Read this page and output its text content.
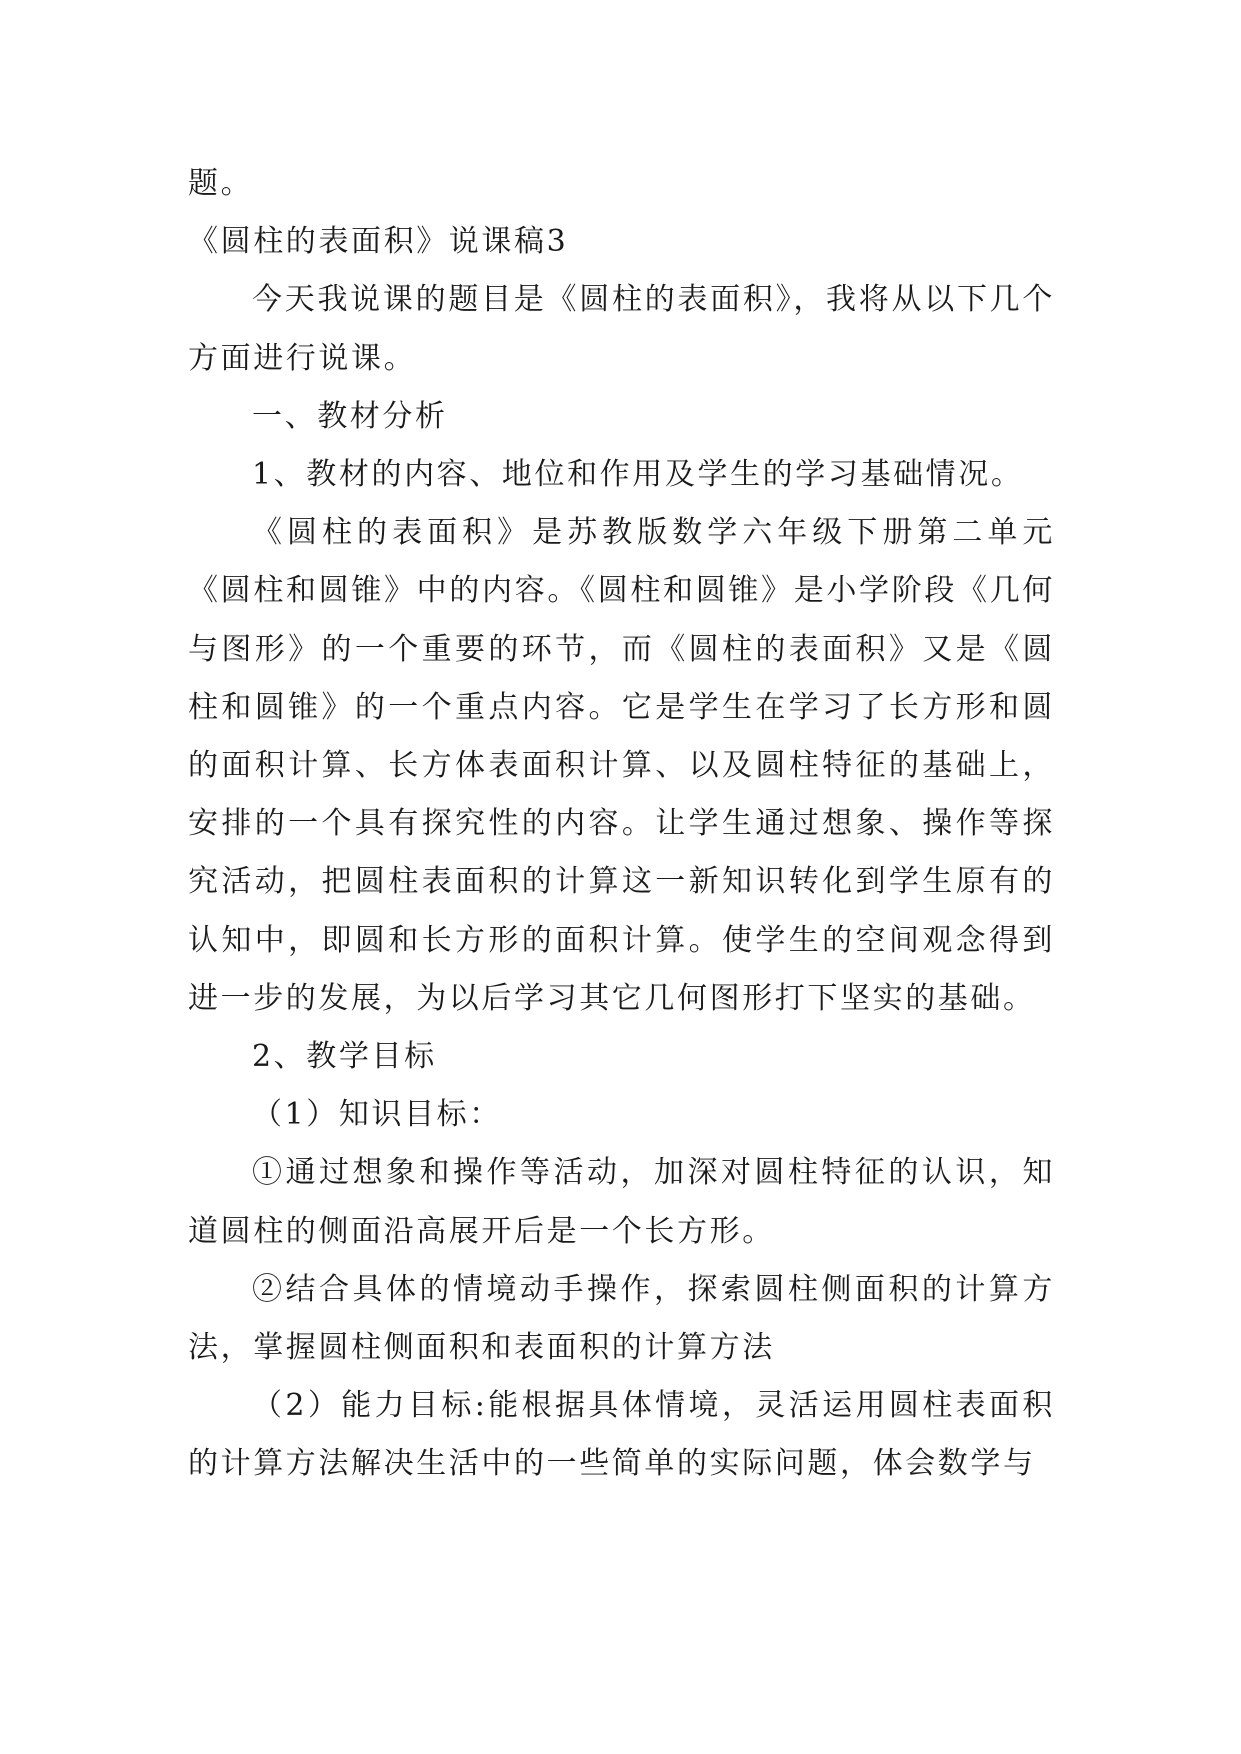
题。

《圆柱的表面积》说课稿3

今天我说课的题目是《圆柱的表面积》，我将从以下几个方面进行说课。

一、教材分析

1、教材的内容、地位和作用及学生的学习基础情况。

《圆柱的表面积》是苏教版数学六年级下册第二单元《圆柱和圆锥》中的内容。《圆柱和圆锥》是小学阶段《几何与图形》的一个重要的环节，而《圆柱的表面积》又是《圆柱和圆锥》的一个重点内容。它是学生在学习了长方形和圆的面积计算、长方体表面积计算、以及圆柱特征的基础上，安排的一个具有探究性的内容。让学生通过想象、操作等探究活动，把圆柱表面积的计算这一新知识转化到学生原有的认知中，即圆和长方形的面积计算。使学生的空间观念得到进一步的发展，为以后学习其它几何图形打下坚实的基础。

2、教学目标

（1）知识目标：

①通过想象和操作等活动，加深对圆柱特征的认识，知道圆柱的侧面沿高展开后是一个长方形。

②结合具体的情境动手操作，探索圆柱侧面积的计算方法，掌握圆柱侧面积和表面积的计算方法

（2）能力目标:能根据具体情境，灵活运用圆柱表面积的计算方法解决生活中的一些简单的实际问题，体会数学与
